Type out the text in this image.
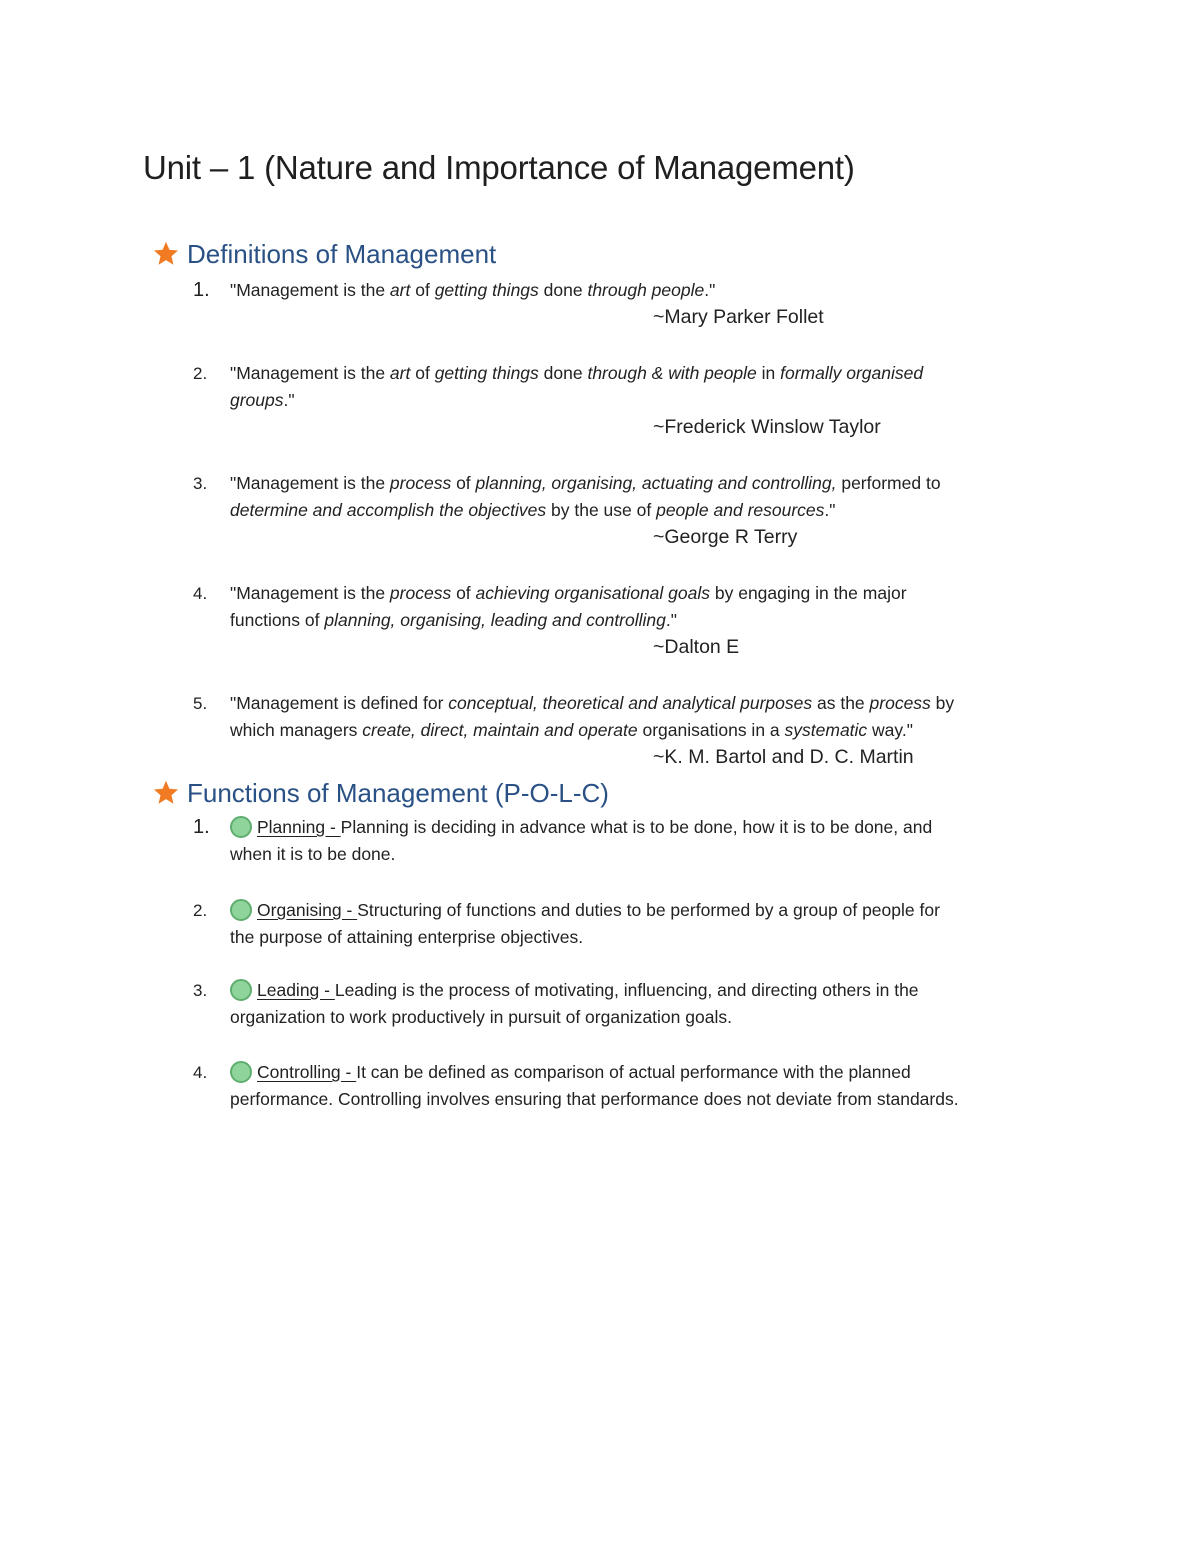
Unit – 1 (Nature and Importance of Management)
Definitions of Management
1. "Management is the art of getting things done through people."
~Mary Parker Follet
2. "Management is the art of getting things done through & with people in formally organised
groups."
~Frederick Winslow Taylor
3. "Management is the process of planning, organising, actuating and controlling, performed to
determine and accomplish the objectives by the use of people and resources."
~George R Terry
4. "Management is the process of achieving organisational goals by engaging in the major
functions of planning, organising, leading and controlling."
~Dalton E
5. "Management is defined for conceptual, theoretical and analytical purposes as the process by
which managers create, direct, maintain and operate organisations in a systematic way."
~K. M. Bartol and D. C. Martin
Functions of Management (P-O-L-C)
1.	Planning - Planning is deciding in advance what is to be done, how it is to be done, and
when it is to be done.
2.	Organising - Structuring of functions and duties to be performed by a group of people for
the purpose of attaining enterprise objectives.
3.	Leading - Leading is the process of motivating, influencing, and directing others in the
organization to work productively in pursuit of organization goals.
4.	Controlling - It can be defined as comparison of actual performance with the planned
performance. Controlling involves ensuring that performance does not deviate from standards.
